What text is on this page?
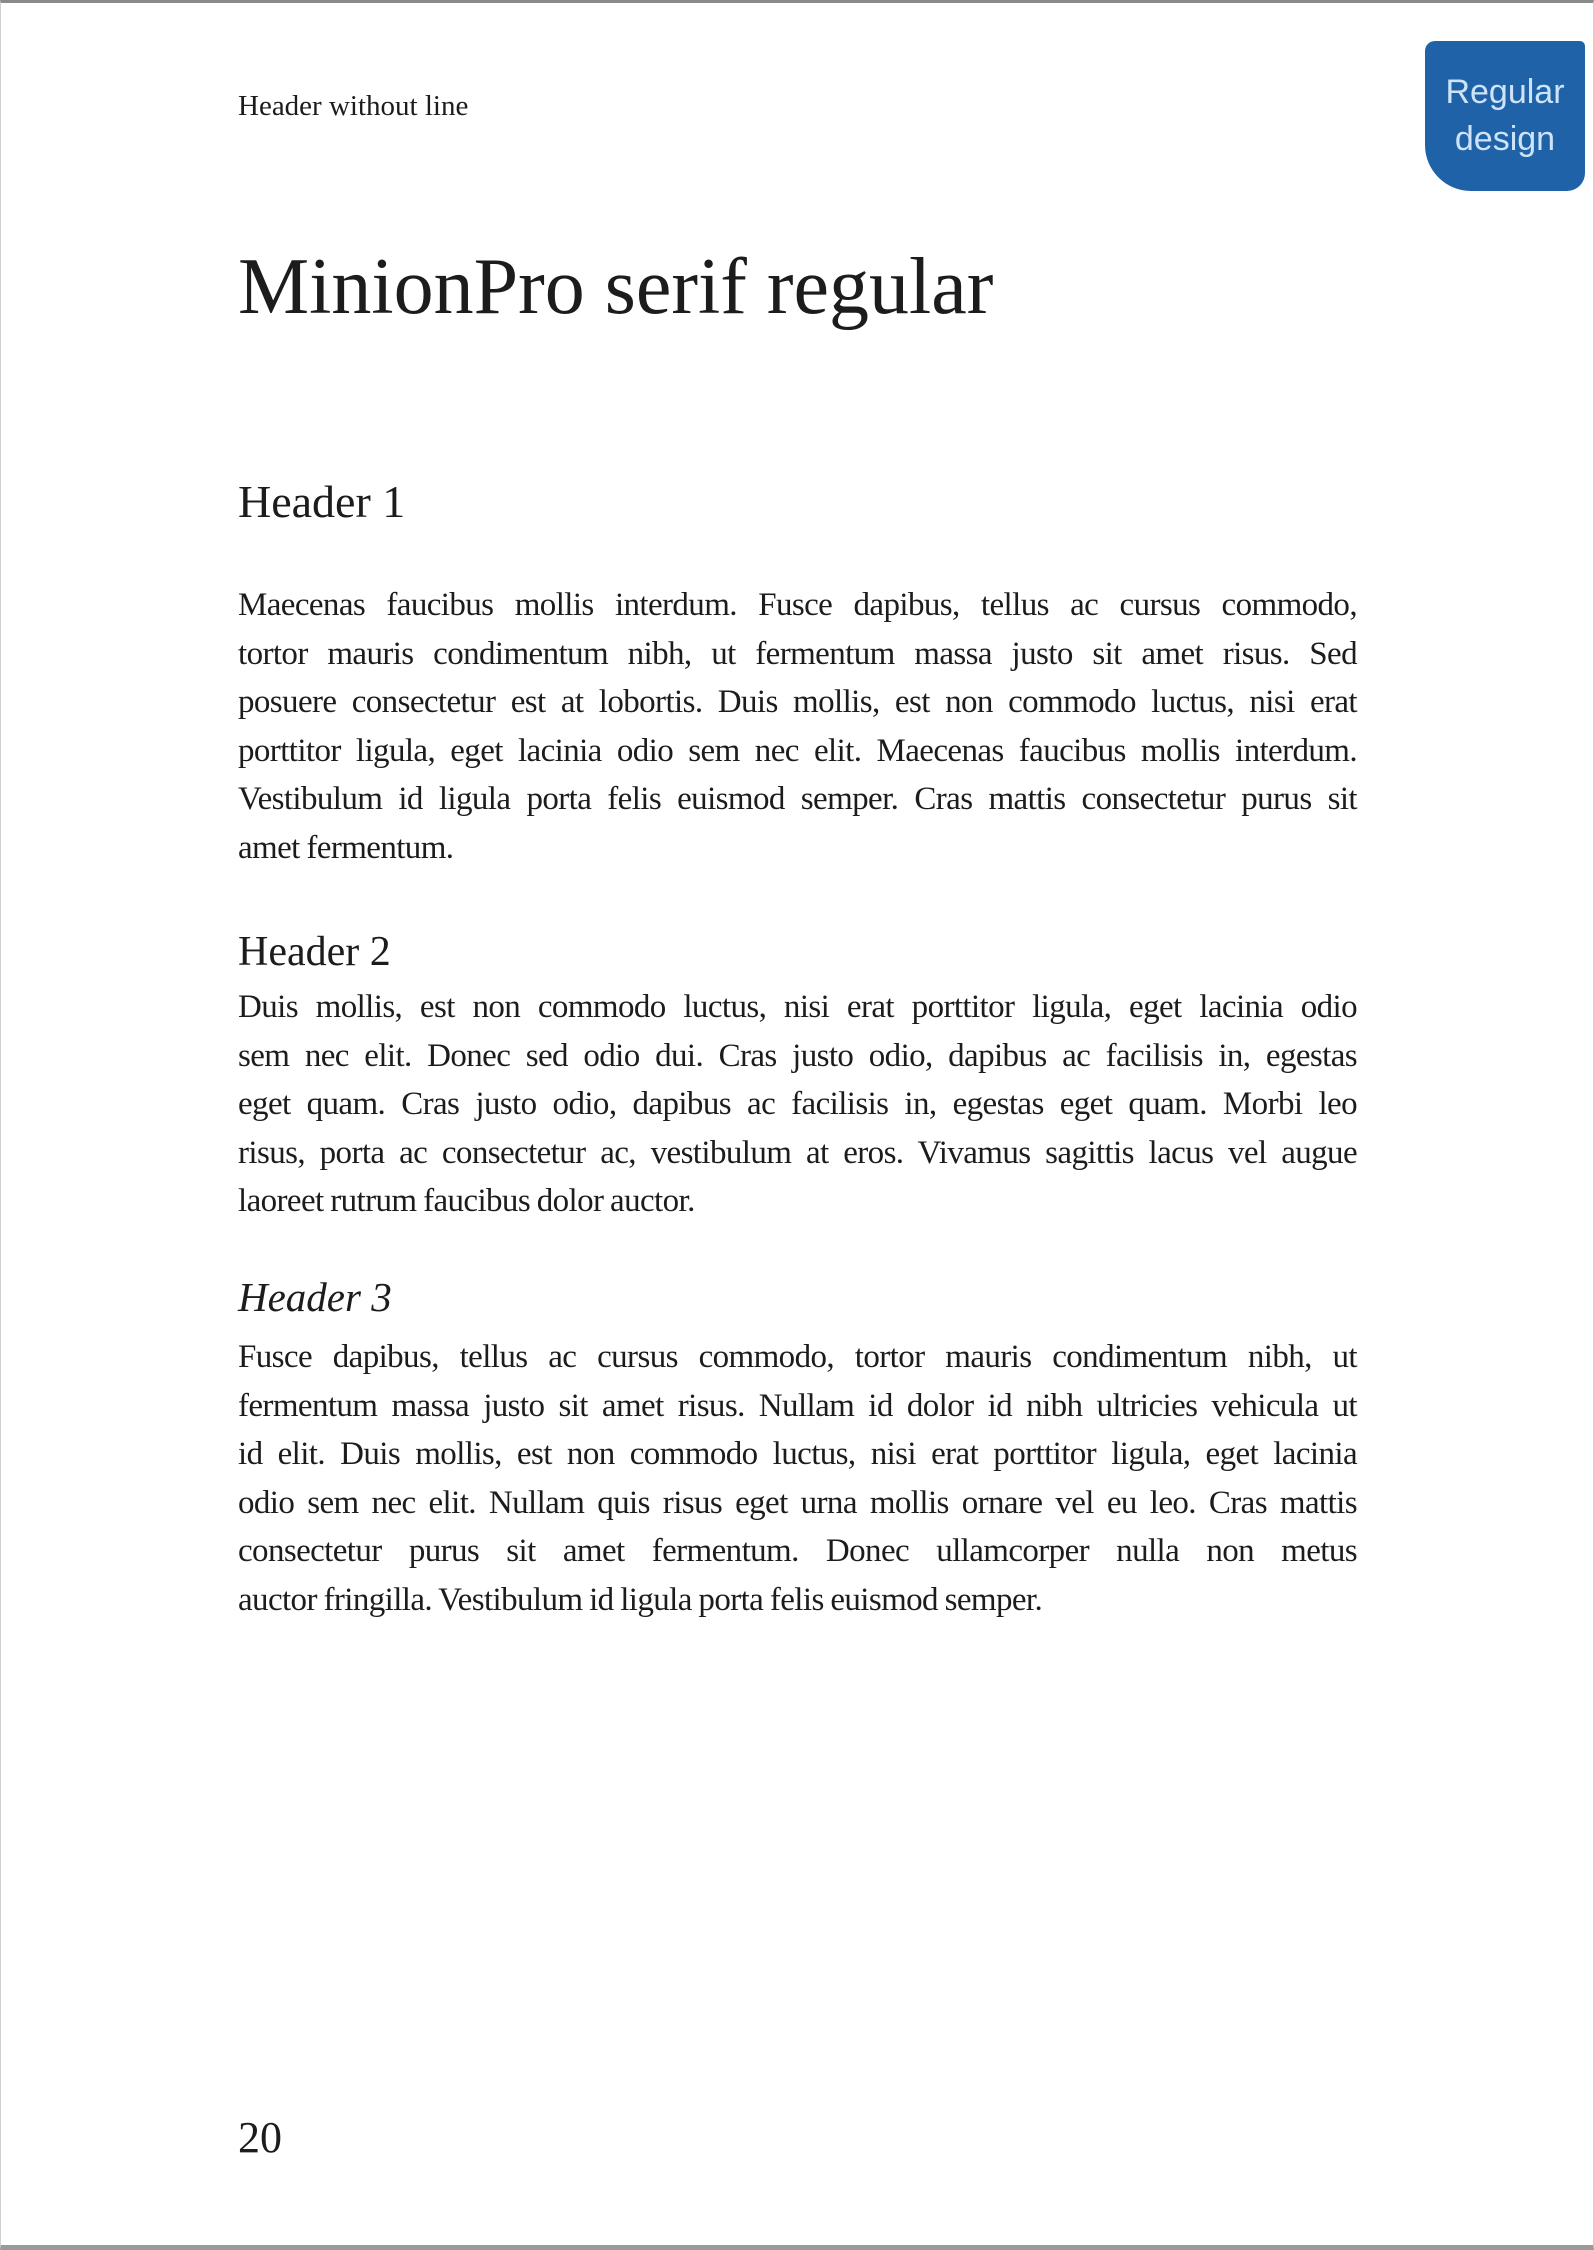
Header without line	Regular
design
MinionPro serif regular
Header 1

Maecenas faucibus mollis interdum. Fusce dapibus, tellus ac cursus commodo,
tortor mauris condimentum nibh, ut fermentum massa justo sit amet risus. Sed
posuere consectetur est at lobortis. Duis mollis, est non commodo luctus, nisi erat
porttitor ligula, eget lacinia odio sem nec elit. Maecenas faucibus mollis interdum.
Vestibulum id ligula porta felis euismod semper. Cras mattis consectetur purus sit
amet fermentum.

Header 2

Duis mollis, est non commodo luctus, nisi erat porttitor ligula, eget lacinia odio
sem nec elit. Donec sed odio dui. Cras justo odio, dapibus ac facilisis in, egestas
eget quam. Cras justo odio, dapibus ac facilisis in, egestas eget quam. Morbi leo
risus, porta ac consectetur ac, vestibulum at eros. Vivamus sagittis lacus vel augue
laoreet rutrum faucibus dolor auctor.

Header 3

Fusce dapibus, tellus ac cursus commodo, tortor mauris condimentum nibh, ut
fermentum massa justo sit amet risus. Nullam id dolor id nibh ultricies vehicula ut
id elit. Duis mollis, est non commodo luctus, nisi erat porttitor ligula, eget lacinia
odio sem nec elit. Nullam quis risus eget urna mollis ornare vel eu leo. Cras mattis
consectetur purus sit amet fermentum. Donec ullamcorper nulla non metus
auctor fringilla. Vestibulum id ligula porta felis euismod semper.

20
